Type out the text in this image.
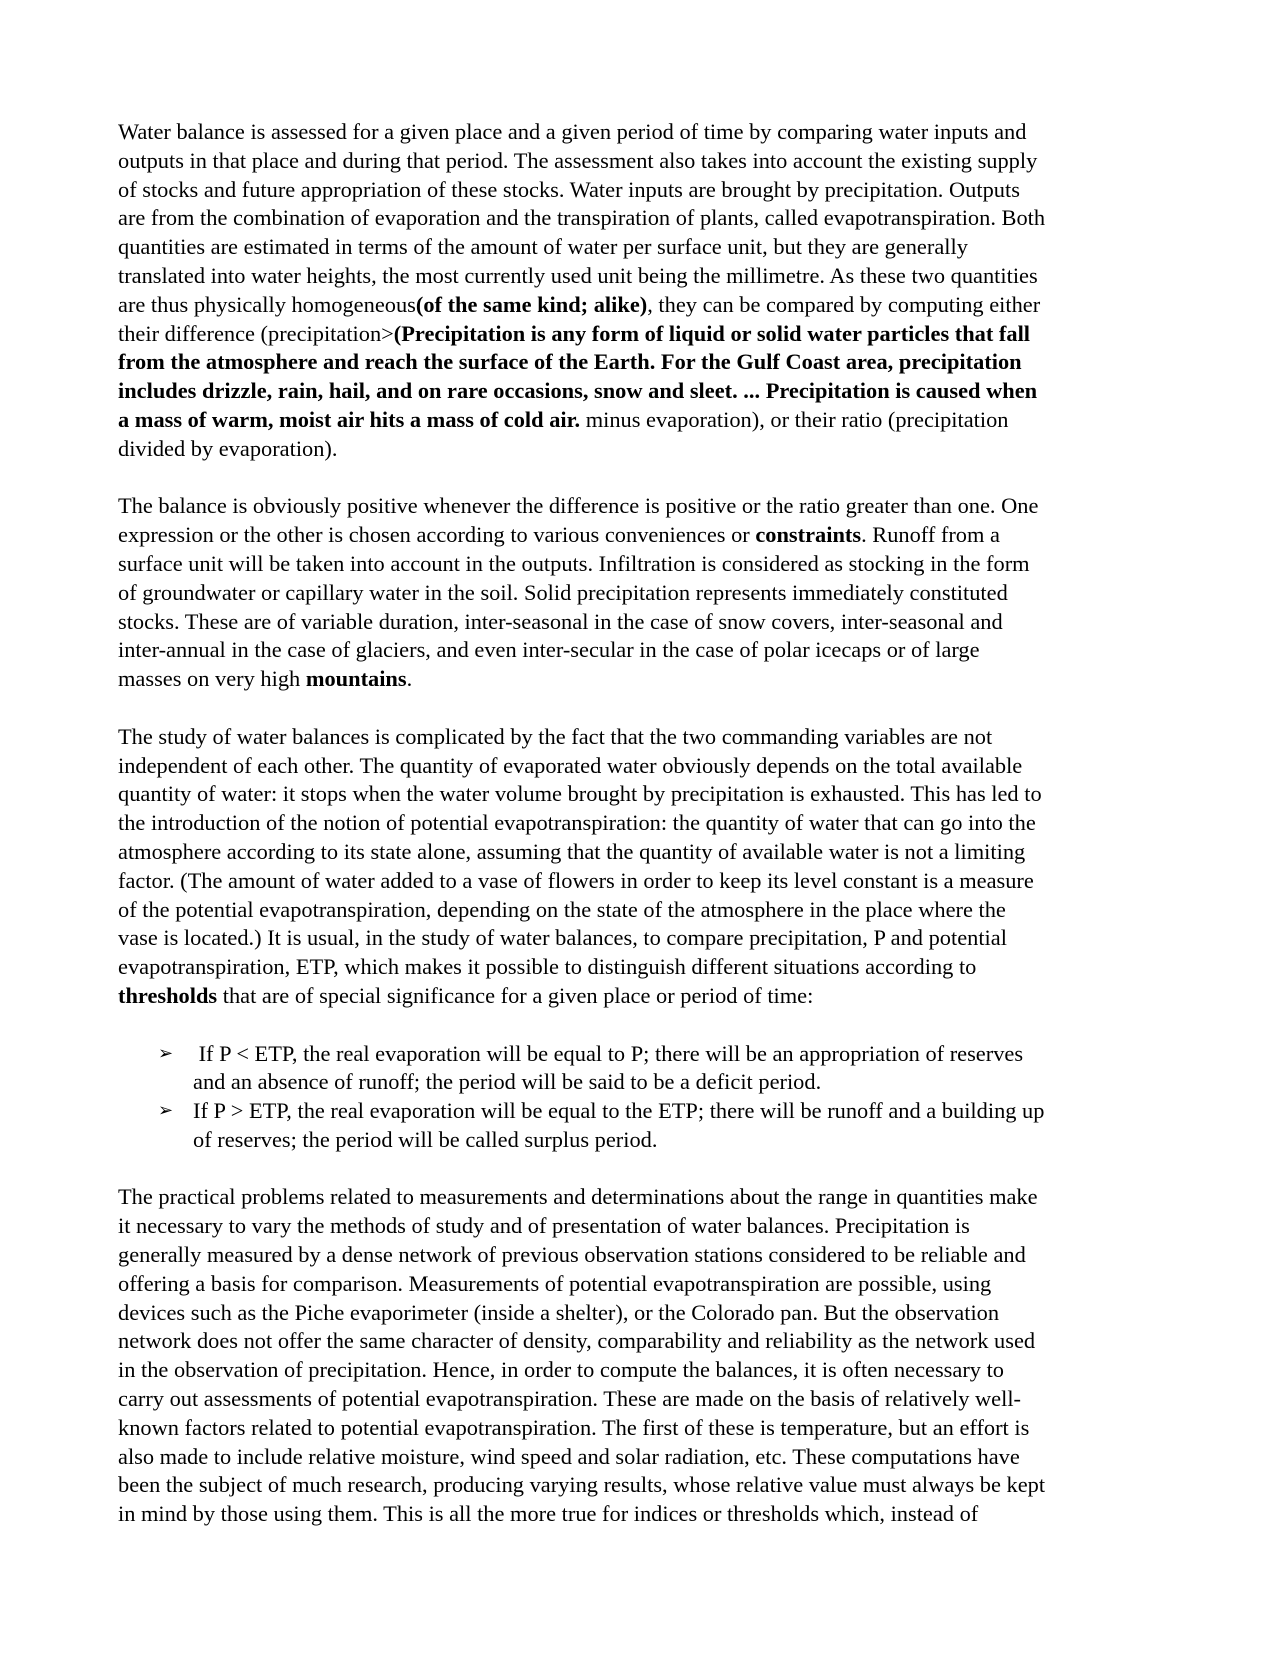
Water balance is assessed for a given place and a given period of time by comparing water inputs and
outputs in that place and during that period. The assessment also takes into account the existing supply
of stocks and future appropriation of these stocks. Water inputs are brought by precipitation. Outputs
are from the combination of evaporation and the transpiration of plants, called evapotranspiration. Both
quantities are estimated in terms of the amount of water per surface unit, but they are generally
translated into water heights, the most currently used unit being the millimetre. As these two quantities
are thus physically homogeneous(of the same kind; alike), they can be compared by computing either
their difference (precipitation>(Precipitation is any form of liquid or solid water particles that fall
from the atmosphere and reach the surface of the Earth. For the Gulf Coast area, precipitation
includes drizzle, rain, hail, and on rare occasions, snow and sleet. ... Precipitation is caused when
a mass of warm, moist air hits a mass of cold air. minus evaporation), or their ratio (precipitation
divided by evaporation).
The balance is obviously positive whenever the difference is positive or the ratio greater than one. One
expression or the other is chosen according to various conveniences or constraints. Runoff from a
surface unit will be taken into account in the outputs. Infiltration is considered as stocking in the form
of groundwater or capillary water in the soil. Solid precipitation represents immediately constituted
stocks. These are of variable duration, inter-seasonal in the case of snow covers, inter-seasonal and
inter-annual in the case of glaciers, and even inter-secular in the case of polar icecaps or of large
masses on very high mountains.
The study of water balances is complicated by the fact that the two commanding variables are not
independent of each other. The quantity of evaporated water obviously depends on the total available
quantity of water: it stops when the water volume brought by precipitation is exhausted. This has led to
the introduction of the notion of potential evapotranspiration: the quantity of water that can go into the
atmosphere according to its state alone, assuming that the quantity of available water is not a limiting
factor. (The amount of water added to a vase of flowers in order to keep its level constant is a measure
of the potential evapotranspiration, depending on the state of the atmosphere in the place where the
vase is located.) It is usual, in the study of water balances, to compare precipitation, P and potential
evapotranspiration, ETP, which makes it possible to distinguish different situations according to
thresholds that are of special significance for a given place or period of time:
➢ If P < ETP, the real evaporation will be equal to P; there will be an appropriation of reserves
and an absence of runoff; the period will be said to be a deficit period.
➢ If P > ETP, the real evaporation will be equal to the ETP; there will be runoff and a building up
of reserves; the period will be called surplus period.
The practical problems related to measurements and determinations about the range in quantities make
it necessary to vary the methods of study and of presentation of water balances. Precipitation is
generally measured by a dense network of previous observation stations considered to be reliable and
offering a basis for comparison. Measurements of potential evapotranspiration are possible, using
devices such as the Piche evaporimeter (inside a shelter), or the Colorado pan. But the observation
network does not offer the same character of density, comparability and reliability as the network used
in the observation of precipitation. Hence, in order to compute the balances, it is often necessary to
carry out assessments of potential evapotranspiration. These are made on the basis of relatively well-
known factors related to potential evapotranspiration. The first of these is temperature, but an effort is
also made to include relative moisture, wind speed and solar radiation, etc. These computations have
been the subject of much research, producing varying results, whose relative value must always be kept
in mind by those using them. This is all the more true for indices or thresholds which, instead of
